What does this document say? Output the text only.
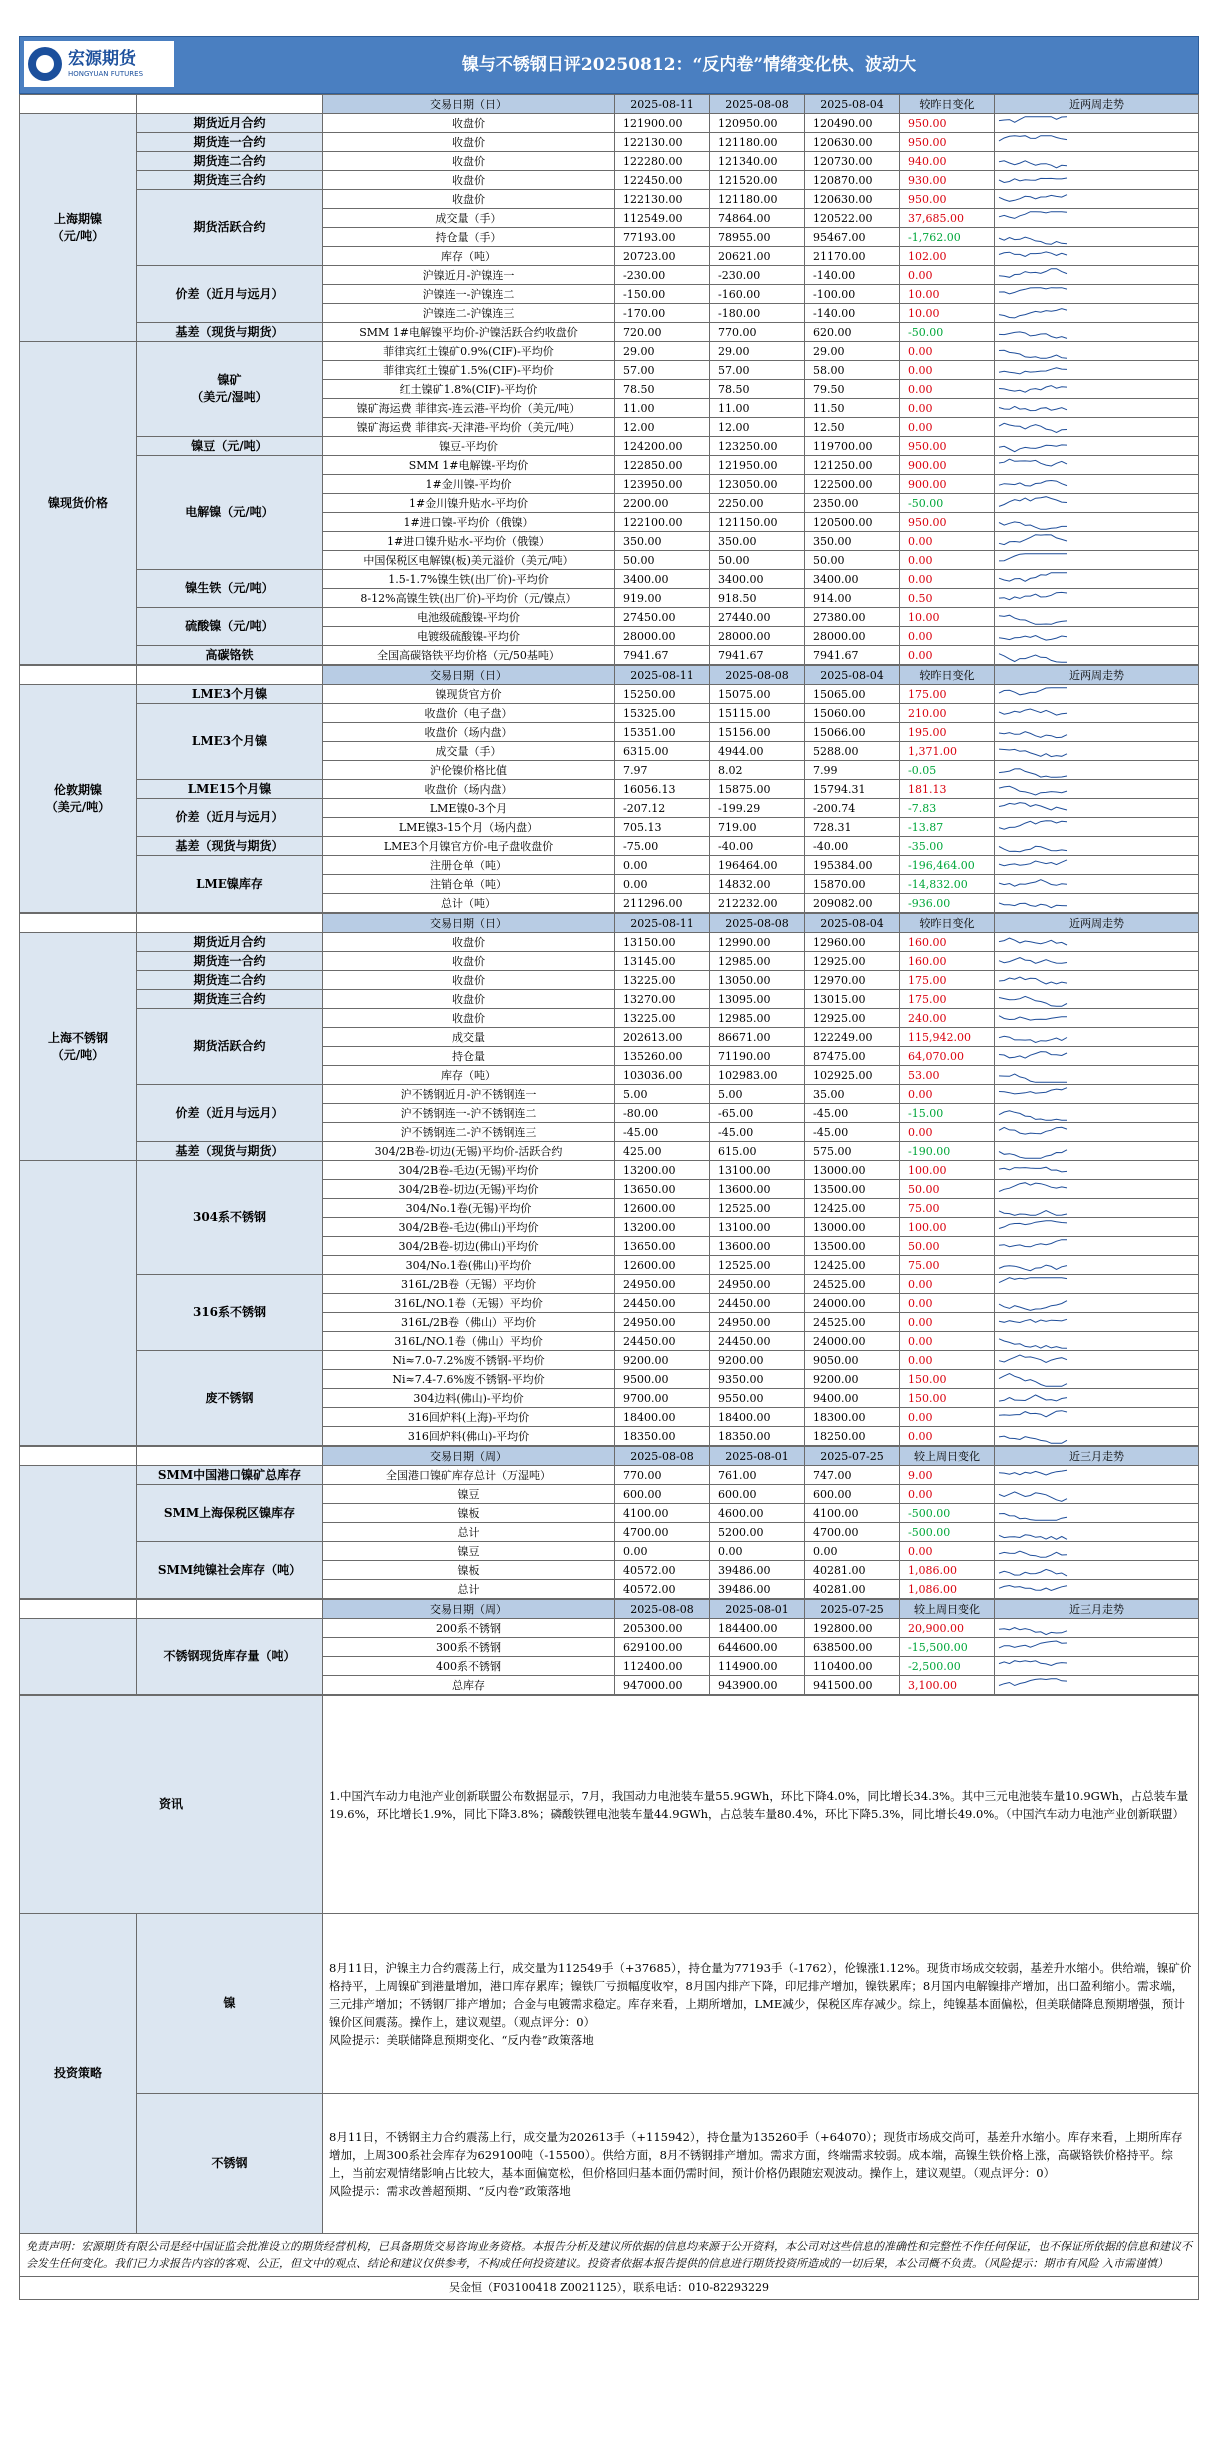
宏源期货
HONGYUAN FUTURES	镍与不锈钢日评20250812：“反内卷”情绪变化快、波动大
		交易日期（日）	2025-08-11	2025-08-08	2025-08-04	较昨日变化	近两周走势
上海期镍
（元/吨）	期货近月合约	收盘价	121900.00	120950.00	120490.00	950.00	

	期货连一合约	收盘价	122130.00	121180.00	120630.00	950.00	

	期货连二合约	收盘价	122280.00	121340.00	120730.00	940.00	

	期货连三合约	收盘价	122450.00	121520.00	120870.00	930.00	

	期货活跃合约	收盘价	122130.00	121180.00	120630.00	950.00	

		成交量（手）	112549.00	74864.00	120522.00	37,685.00	

		持仓量（手）	77193.00	78955.00	95467.00	-1,762.00	

		库存（吨）	20723.00	20621.00	21170.00	102.00	

	价差（近月与远月）	沪镍近月-沪镍连一	-230.00	-230.00	-140.00	0.00	

		沪镍连一-沪镍连二	-150.00	-160.00	-100.00	10.00	

		沪镍连二-沪镍连三	-170.00	-180.00	-140.00	10.00	

	基差（现货与期货）	SMM 1#电解镍平均价-沪镍活跃合约收盘价	720.00	770.00	620.00	-50.00	

镍现货价格	镍矿
（美元/湿吨）	菲律宾红土镍矿0.9%(CIF)-平均价	29.00	29.00	29.00	0.00	

		菲律宾红土镍矿1.5%(CIF)-平均价	57.00	57.00	58.00	0.00	

		红土镍矿1.8%(CIF)-平均价	78.50	78.50	79.50	0.00	

		镍矿海运费 菲律宾-连云港-平均价（美元/吨）	11.00	11.00	11.50	0.00	

		镍矿海运费 菲律宾-天津港-平均价（美元/吨）	12.00	12.00	12.50	0.00	

	镍豆（元/吨）	镍豆-平均价	124200.00	123250.00	119700.00	950.00	

	电解镍（元/吨）	SMM 1#电解镍-平均价	122850.00	121950.00	121250.00	900.00	

		1#金川镍-平均价	123950.00	123050.00	122500.00	900.00	

		1#金川镍升贴水-平均价	2200.00	2250.00	2350.00	-50.00	

		1#进口镍-平均价（俄镍）	122100.00	121150.00	120500.00	950.00	

		1#进口镍升贴水-平均价（俄镍）	350.00	350.00	350.00	0.00	

		中国保税区电解镍(板)美元溢价（美元/吨）	50.00	50.00	50.00	0.00	

	镍生铁（元/吨）	1.5-1.7%镍生铁(出厂价)-平均价	3400.00	3400.00	3400.00	0.00	

		8-12%高镍生铁(出厂价)-平均价（元/镍点）	919.00	918.50	914.00	0.50	

	硫酸镍（元/吨）	电池级硫酸镍-平均价	27450.00	27440.00	27380.00	10.00	

		电镀级硫酸镍-平均价	28000.00	28000.00	28000.00	0.00	

	高碳铬铁	全国高碳铬铁平均价格（元/50基吨）	7941.67	7941.67	7941.67	0.00	
		交易日期（日）	2025-08-11	2025-08-08	2025-08-04	较昨日变化	近两周走势
伦敦期镍
（美元/吨）	LME3个月镍	镍现货官方价	15250.00	15075.00	15065.00	175.00	

	LME3个月镍	收盘价（电子盘）	15325.00	15115.00	15060.00	210.00	

		收盘价（场内盘）	15351.00	15156.00	15066.00	195.00	

		成交量（手）	6315.00	4944.00	5288.00	1,371.00	

		沪伦镍价格比值	7.97	8.02	7.99	-0.05	

	LME15个月镍	收盘价（场内盘）	16056.13	15875.00	15794.31	181.13	

	价差（近月与远月）	LME镍0-3个月	-207.12	-199.29	-200.74	-7.83	

		LME镍3-15个月（场内盘）	705.13	719.00	728.31	-13.87	

	基差（现货与期货）	LME3个月镍官方价-电子盘收盘价	-75.00	-40.00	-40.00	-35.00	

	LME镍库存	注册仓单（吨）	0.00	196464.00	195384.00	-196,464.00	

		注销仓单（吨）	0.00	14832.00	15870.00	-14,832.00	

		总计（吨）	211296.00	212232.00	209082.00	-936.00	
		交易日期（日）	2025-08-11	2025-08-08	2025-08-04	较昨日变化	近两周走势
上海不锈钢
（元/吨）	期货近月合约	收盘价	13150.00	12990.00	12960.00	160.00	

	期货连一合约	收盘价	13145.00	12985.00	12925.00	160.00	

	期货连二合约	收盘价	13225.00	13050.00	12970.00	175.00	

	期货连三合约	收盘价	13270.00	13095.00	13015.00	175.00	

	期货活跃合约	收盘价	13225.00	12985.00	12925.00	240.00	

		成交量	202613.00	86671.00	122249.00	115,942.00	

		持仓量	135260.00	71190.00	87475.00	64,070.00	

		库存（吨）	103036.00	102983.00	102925.00	53.00	

	价差（近月与远月）	沪不锈钢近月-沪不锈钢连一	5.00	5.00	35.00	0.00	

		沪不锈钢连一-沪不锈钢连二	-80.00	-65.00	-45.00	-15.00	

		沪不锈钢连二-沪不锈钢连三	-45.00	-45.00	-45.00	0.00	

	基差（现货与期货）	304/2B卷-切边(无锡)平均价-活跃合约	425.00	615.00	575.00	-190.00	

	304系不锈钢	304/2B卷-毛边(无锡)平均价	13200.00	13100.00	13000.00	100.00	

		304/2B卷-切边(无锡)平均价	13650.00	13600.00	13500.00	50.00	

		304/No.1卷(无锡)平均价	12600.00	12525.00	12425.00	75.00	

		304/2B卷-毛边(佛山)平均价	13200.00	13100.00	13000.00	100.00	

		304/2B卷-切边(佛山)平均价	13650.00	13600.00	13500.00	50.00	

		304/No.1卷(佛山)平均价	12600.00	12525.00	12425.00	75.00	

	316系不锈钢	316L/2B卷（无锡）平均价	24950.00	24950.00	24525.00	0.00	

		316L/NO.1卷（无锡）平均价	24450.00	24450.00	24000.00	0.00	

		316L/2B卷（佛山）平均价	24950.00	24950.00	24525.00	0.00	

		316L/NO.1卷（佛山）平均价	24450.00	24450.00	24000.00	0.00	

	废不锈钢	Ni≈7.0-7.2%废不锈钢-平均价	9200.00	9200.00	9050.00	0.00	

		Ni≈7.4-7.6%废不锈钢-平均价	9500.00	9350.00	9200.00	150.00	

		304边料(佛山)-平均价	9700.00	9550.00	9400.00	150.00	

		316回炉料(上海)-平均价	18400.00	18400.00	18300.00	0.00	

		316回炉料(佛山)-平均价	18350.00	18350.00	18250.00	0.00	
		交易日期（周）	2025-08-08	2025-08-01	2025-07-25	较上周日变化	近三月走势
	SMM中国港口镍矿总库存	全国港口镍矿库存总计（万湿吨）	770.00	761.00	747.00	9.00	

	SMM上海保税区镍库存	镍豆	600.00	600.00	600.00	0.00	

		镍板	4100.00	4600.00	4100.00	-500.00	

		总计	4700.00	5200.00	4700.00	-500.00	

	SMM纯镍社会库存（吨）	镍豆	0.00	0.00	0.00	0.00	

		镍板	40572.00	39486.00	40281.00	1,086.00	

		总计	40572.00	39486.00	40281.00	1,086.00	
		交易日期（周）	2025-08-08	2025-08-01	2025-07-25	较上周日变化	近三月走势
	不锈钢现货库存量（吨）	200系不锈钢	205300.00	184400.00	192800.00	20,900.00	

		300系不锈钢	629100.00	644600.00	638500.00	-15,500.00	

		400系不锈钢	112400.00	114900.00	110400.00	-2,500.00	

		总库存	947000.00	943900.00	941500.00	3,100.00	
资讯		1.中国汽车动力电池产业创新联盟公布数据显示，7月，我国动力电池装车量55.9GWh，环比下降4.0%，同比增长34.3%。其中三元电池装车量10.9GWh，占总装车量19.6%，环比增长1.9%，同比下降3.8%；磷酸铁锂电池装车量44.9GWh，占总装车量80.4%，环比下降5.3%，同比增长49.0%。（中国汽车动力电池产业创新联盟）
投资策略	镍	8月11日，沪镍主力合约震荡上行，成交量为112549手（+37685），持仓量为77193手（-1762），伦镍涨1.12%。现货市场成交较弱，基差升水缩小。供给端，镍矿价格持平，上周镍矿到港量增加，港口库存累库；镍铁厂亏损幅度收窄，8月国内排产下降，印尼排产增加，镍铁累库；8月国内电解镍排产增加，出口盈利缩小。需求端，三元排产增加；不锈钢厂排产增加；合金与电镀需求稳定。库存来看，上期所增加，LME减少，保税区库存减少。综上，纯镍基本面偏松，但美联储降息预期增强，预计镍价区间震荡。操作上，建议观望。（观点评分：0）
风险提示：美联储降息预期变化、“反内卷”政策落地
	不锈钢	8月11日，不锈钢主力合约震荡上行，成交量为202613手（+115942），持仓量为135260手（+64070）；现货市场成交尚可，基差升水缩小。库存来看，上期所库存增加，上周300系社会库存为629100吨（-15500）。供给方面，8月不锈钢排产增加。需求方面，终端需求较弱。成本端，高镍生铁价格上涨，高碳铬铁价格持平。综上，当前宏观情绪影响占比较大，基本面偏宽松，但价格回归基本面仍需时间，预计价格仍跟随宏观波动。操作上，建议观望。（观点评分：0）
风险提示：需求改善超预期、“反内卷”政策落地
免责声明：宏源期货有限公司是经中国证监会批准设立的期货经营机构，已具备期货交易咨询业务资格。本报告分析及建议所依据的信息均来源于公开资料，本公司对这些信息的准确性和完整性不作任何保证，也不保证所依据的信息和建议不会发生任何变化。我们已力求报告内容的客观、公正，但文中的观点、结论和建议仅供参考，不构成任何投资建议。投资者依据本报告提供的信息进行期货投资所造成的一切后果，本公司概不负责。（风险提示：期市有风险 入市需谨慎）
吴金恒（F03100418 Z0021125），联系电话：010-82293229
